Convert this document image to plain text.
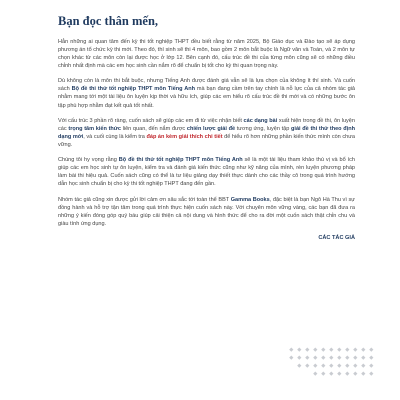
Bạn đọc thân mến,

Hẳn những ai quan tâm đến kỳ thi tốt nghiệp THPT đều biết rằng từ năm 2025, Bộ Giáo dục và Đào tạo sẽ áp dụng phương án tổ chức kỳ thi mới. Theo đó, thí sinh sẽ thi 4 môn, bao gồm 2 môn bắt buộc là Ngữ văn và Toán, và 2 môn tự chọn khác từ các môn còn lại được học ở lớp 12. Bên cạnh đó, cấu trúc đề thi của từng môn cũng sẽ có những điều chỉnh nhất định mà các em học sinh cần nắm rõ để chuẩn bị tốt cho kỳ thi quan trọng này.

Dù không còn là môn thi bắt buộc, nhưng Tiếng Anh được đánh giá vẫn sẽ là lựa chọn của không ít thí sinh. Và cuốn sách Bộ đề thi thử tốt nghiệp THPT môn Tiếng Anh mà bạn đang cầm trên tay chính là nỗ lực của cả nhóm tác giả nhằm mang tới một tài liệu ôn luyện kịp thời và hữu ích, giúp các em hiểu rõ cấu trúc đề thi mới và có những bước ôn tập phù hợp nhằm đạt kết quả tốt nhất.

Với cấu trúc 3 phần rõ ràng, cuốn sách sẽ giúp các em đi từ việc nhận biết các dạng bài xuất hiện trong đề thi, ôn luyện các trọng tâm kiến thức liên quan, đến nắm được chiến lược giải đề tương ứng, luyện tập giải đề thi thử theo định dạng mới, và cuối cùng là kiểm tra đáp án kèm giải thích chi tiết để hiểu rõ hơn những phần kiến thức mình còn chưa vững.

Chúng tôi hy vọng rằng Bộ đề thi thử tốt nghiệp THPT môn Tiếng Anh sẽ là một tài liệu tham khảo thú vị và bổ ích giúp các em học sinh tự ôn luyện, kiểm tra và đánh giá kiến thức cũng như kỹ năng của mình, rèn luyện phương pháp làm bài thi hiệu quả. Cuốn sách cũng có thể là tư liệu giảng dạy thiết thực dành cho các thầy cô trong quá trình hướng dẫn học sinh chuẩn bị cho kỳ thi tốt nghiệp THPT đang đến gần.

Nhóm tác giả cũng xin được gửi lời cảm ơn sâu sắc tới toàn thể BBT Gamma Books, đặc biệt là bạn Ngô Hà Thu vì sự đồng hành và hỗ trợ tận tâm trong quá trình thực hiện cuốn sách này. Với chuyên môn vững vàng, các bạn đã đưa ra những ý kiến đóng góp quý báu giúp cải thiện cả nội dung và hình thức để cho ra đời một cuốn sách thật chỉn chu và giàu tính ứng dụng.

CÁC TÁC GIẢ
